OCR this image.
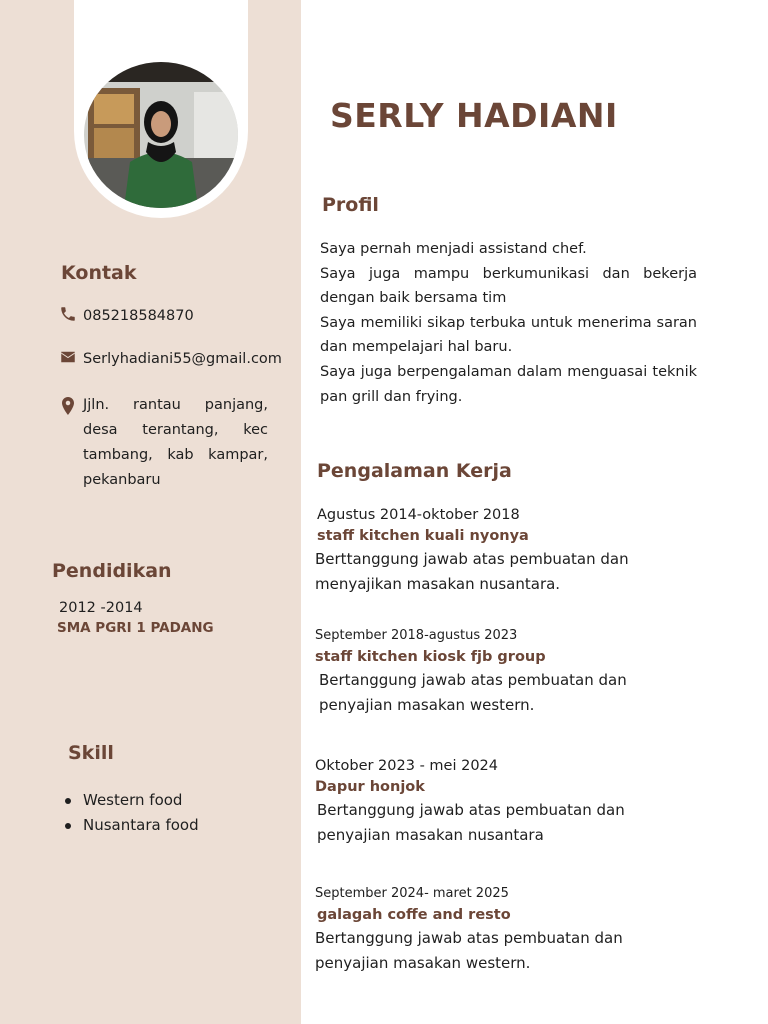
Kontak
085218584870
Serlyhadiani55@gmail.com
Jjln. rantau panjang, desa terantang, kec tambang, kab kampar, pekanbaru
Pendidikan
2012 -2014
SMA PGRI 1 PADANG
Skill
Western food
Nusantara food
SERLY HADIANI
Profil

Saya pernah menjadi assistand chef.

Saya juga mampu berkumunikasi dan bekerja dengan baik bersama tim

Saya memiliki sikap terbuka untuk menerima saran dan mempelajari hal baru.

Saya juga berpengalaman dalam menguasai teknik pan grill dan frying.

Pengalaman Kerja
Agustus 2014-oktober 2018
staff kitchen kuali nyonya
Berttanggung jawab atas pembuatan dan menyajikan masakan nusantara.
September 2018-agustus 2023
staff kitchen kiosk fjb group
Bertanggung jawab atas pembuatan dan penyajian masakan western.
Oktober 2023 - mei 2024
Dapur honjok
Bertanggung jawab atas pembuatan dan penyajian masakan nusantara
September 2024- maret 2025
galagah coffe and resto
Bertanggung jawab atas pembuatan dan penyajian masakan western.
